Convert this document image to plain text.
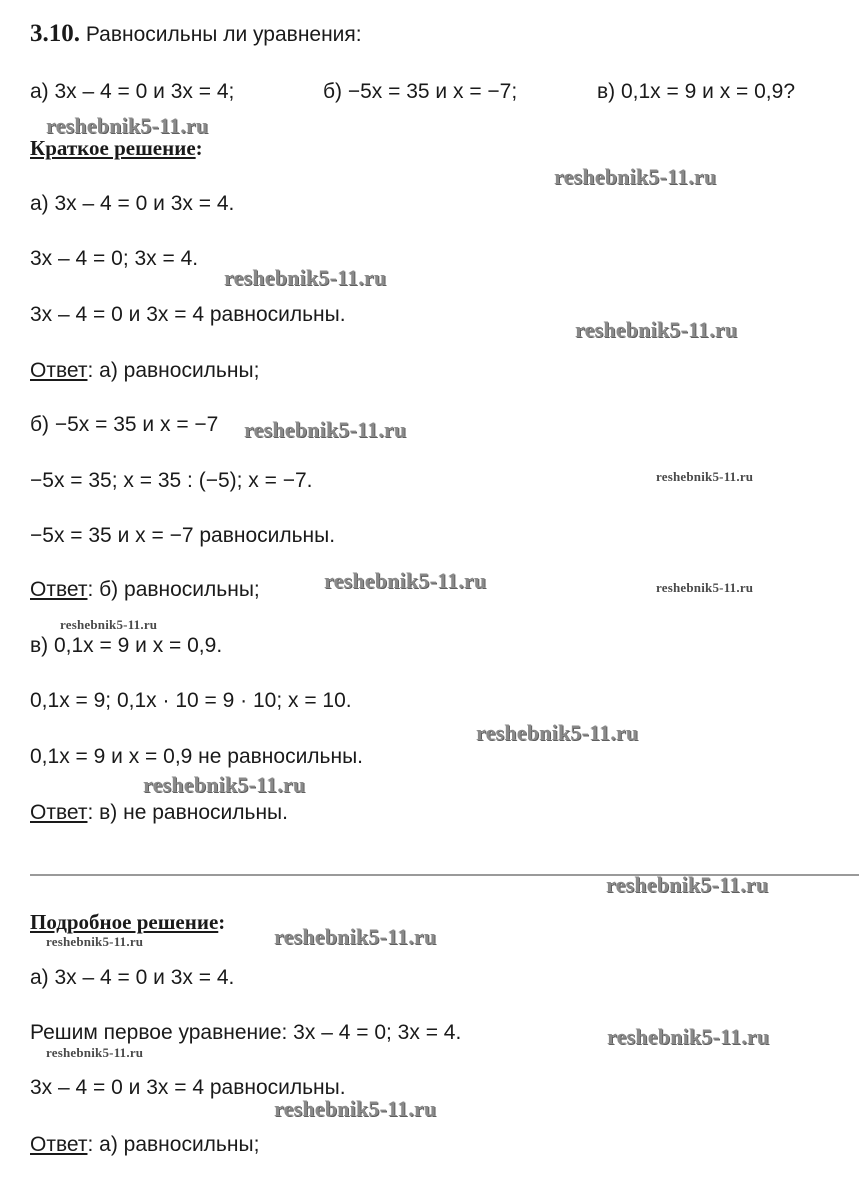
3.10. Равносильны ли уравнения:
а) 3x – 4 = 0 и 3x = 4;	б) −5x = 35 и x = −7;	в) 0,1x = 9 и x = 0,9?
Краткое решение:
а) 3x – 4 = 0 и 3x = 4.
3x – 4 = 0; 3x = 4.
3x – 4 = 0 и 3x = 4 равносильны.
Ответ: а) равносильны;
б) −5x = 35 и x = −7
−5x = 35; x = 35 : (−5); x = −7.
−5x = 35 и x = −7 равносильны.
Ответ: б) равносильны;
в) 0,1x = 9 и x = 0,9.
0,1x = 9; 0,1x · 10 = 9 · 10; x = 10.
0,1x = 9 и x = 0,9 не равносильны.
Ответ: в) не равносильны.
Подробное решение:
а) 3x – 4 = 0 и 3x = 4.
Решим первое уравнение: 3x – 4 = 0; 3x = 4.
3x – 4 = 0 и 3x = 4 равносильны.
Ответ: а) равносильны;
reshebnik5-11.ru
reshebnik5-11.ru
reshebnik5-11.ru
reshebnik5-11.ru
reshebnik5-11.ru
reshebnik5-11.ru
reshebnik5-11.ru	reshebnik5-11.ru
reshebnik5-11.ru
reshebnik5-11.ru
reshebnik5-11.ru
reshebnik5-11.ru
reshebnik5-11.ru
reshebnik5-11.ru
reshebnik5-11.ru
reshebnik5-11.ru
reshebnik5-11.ru
